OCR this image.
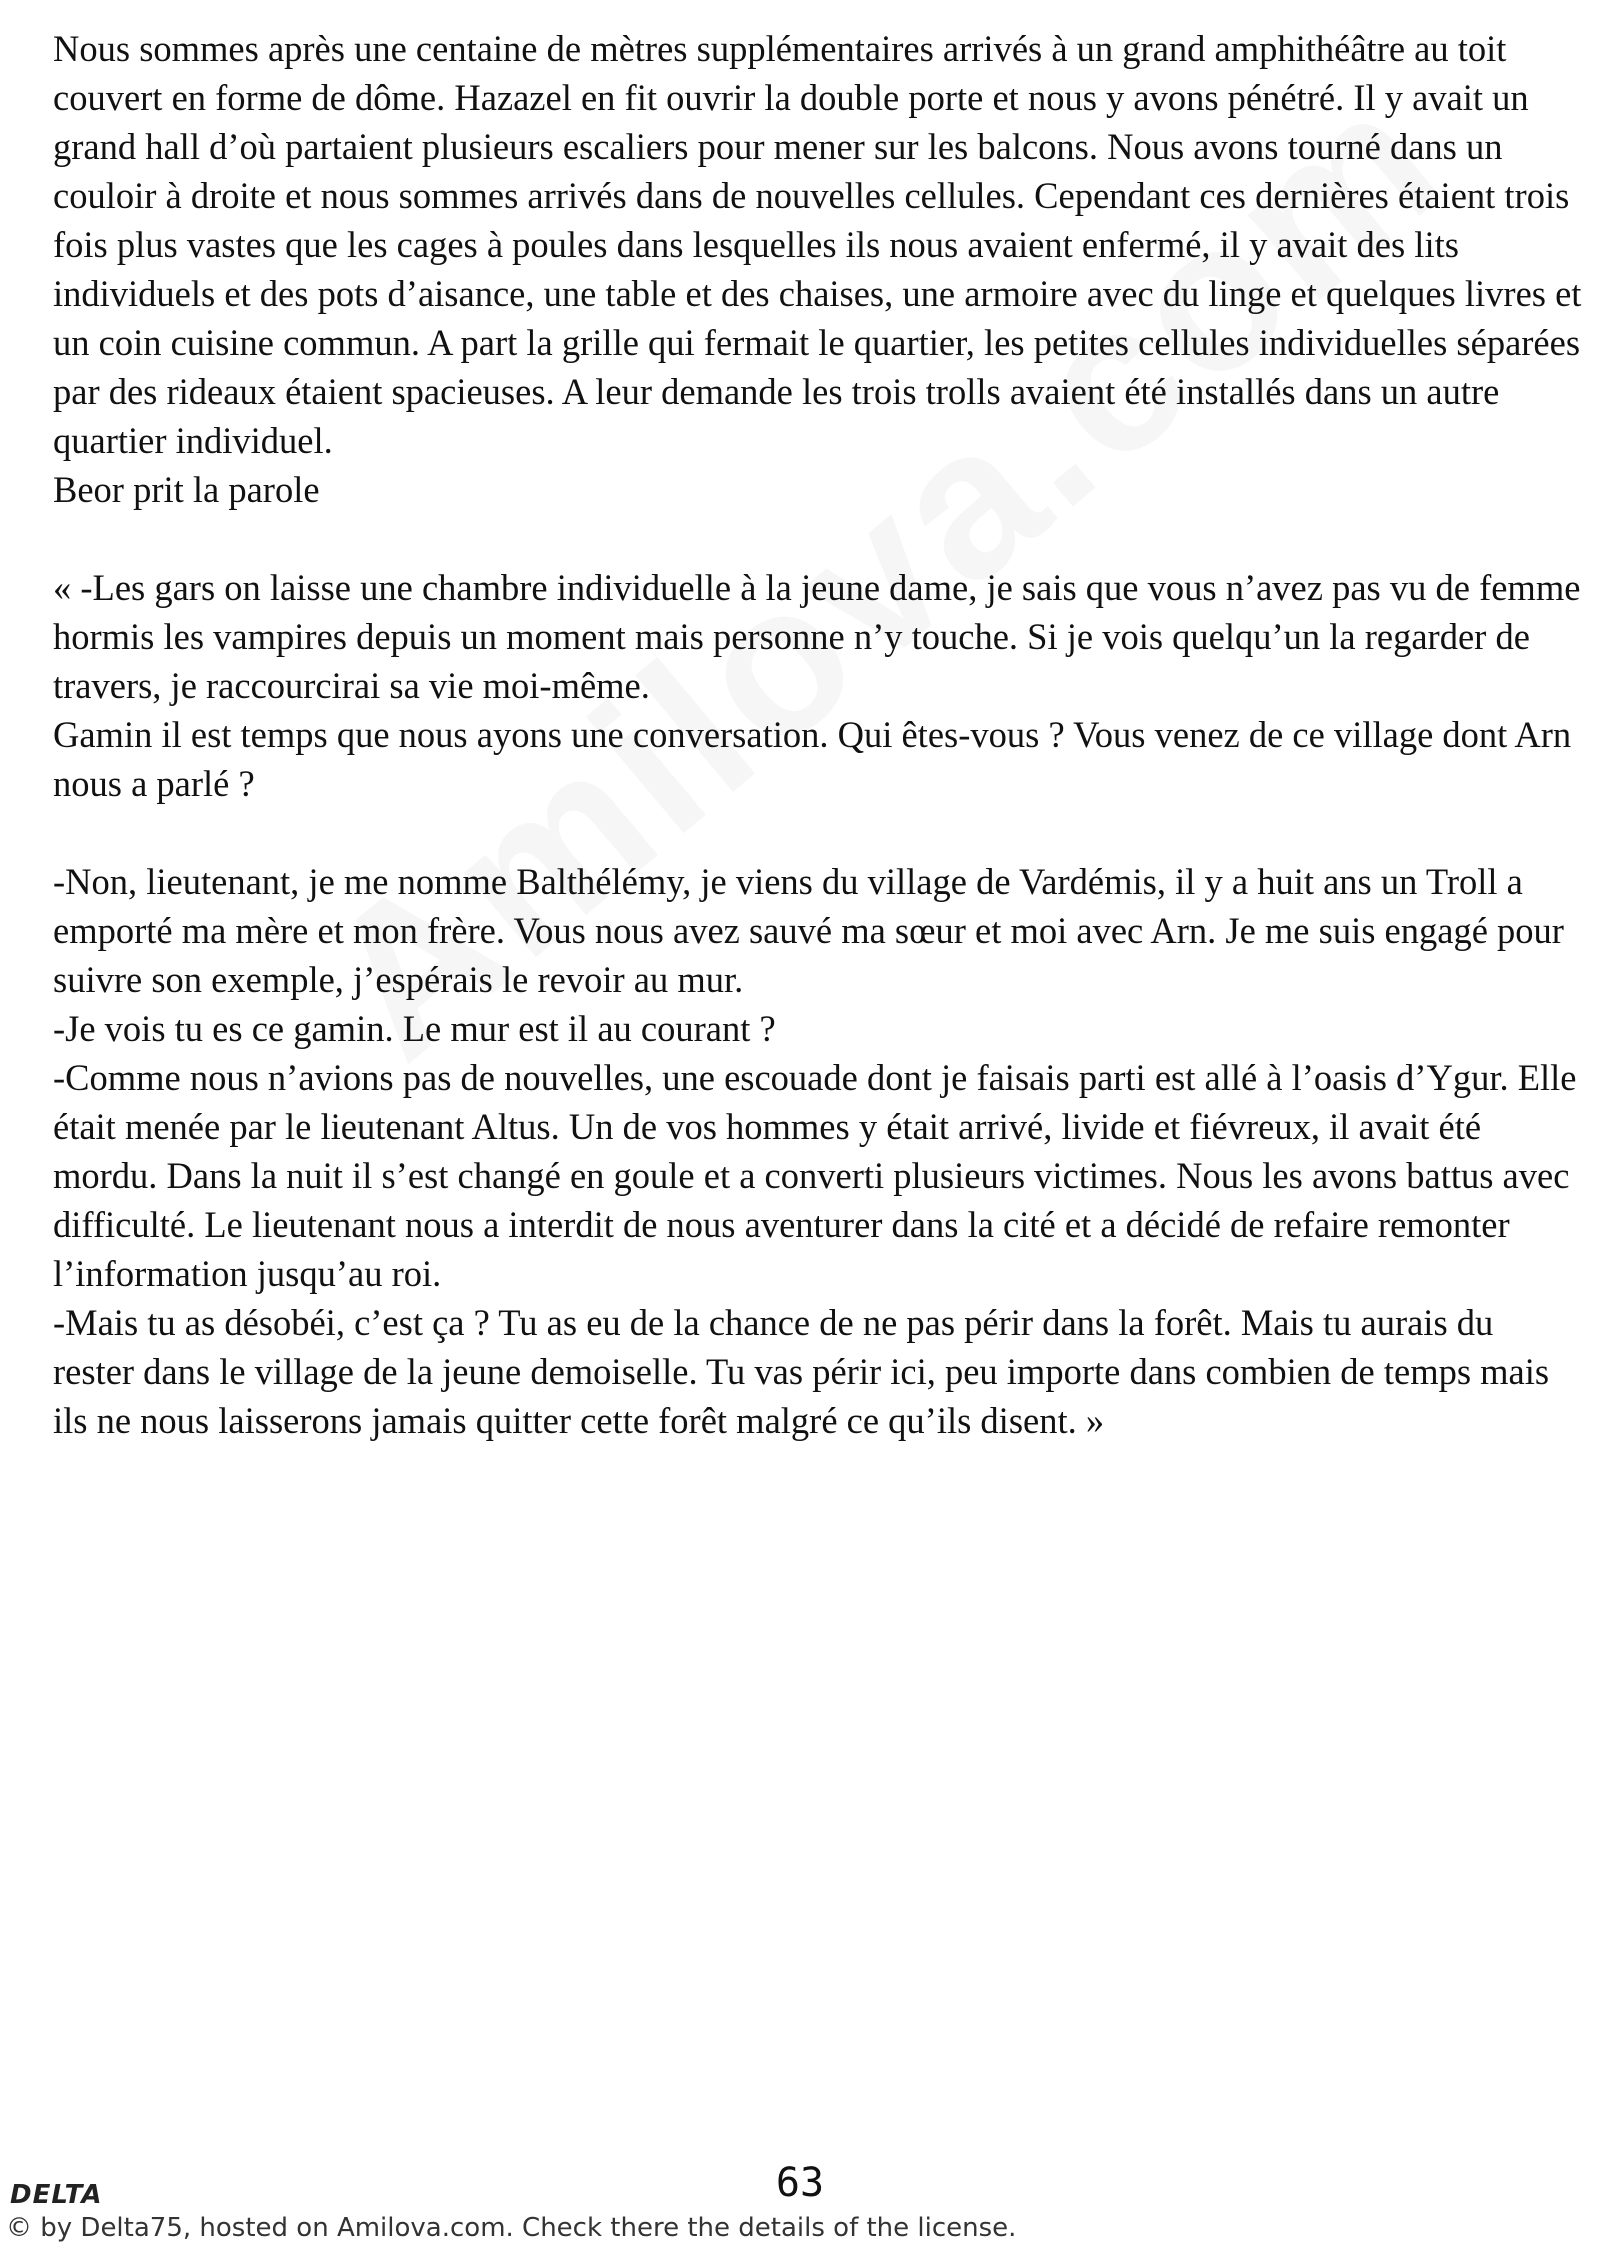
Nous sommes après une centaine de mètres supplémentaires arrivés à un grand amphithéâtre au toit couvert en forme de dôme. Hazazel en fit ouvrir la double porte et nous y avons pénétré. Il y avait un grand hall d’où partaient plusieurs escaliers pour mener sur les balcons. Nous avons tourné dans un couloir à droite et nous sommes arrivés dans de nouvelles cellules. Cependant ces dernières étaient trois fois plus vastes que les cages à poules dans lesquelles ils nous avaient enfermé, il y avait des lits individuels et des pots d’aisance, une table et des chaises, une armoire avec du linge et quelques livres et un coin cuisine commun. A part la grille qui fermait le quartier, les petites cellules individuelles séparées par des rideaux étaient spacieuses. A leur demande les trois trolls avaient été installés dans un autre quartier individuel.

Beor prit la parole

« -Les gars on laisse une chambre individuelle à la jeune dame, je sais que vous n’avez pas vu de femme hormis les vampires depuis un moment mais personne n’y touche. Si je vois quelqu’un la regarder de travers, je raccourcirai sa vie moi-même.

Gamin il est temps que nous ayons une conversation. Qui êtes-vous ? Vous venez de ce village dont Arn nous a parlé ?

-Non, lieutenant, je me nomme Balthélémy, je viens du village de Vardémis, il y a huit ans un Troll a emporté ma mère et mon frère. Vous nous avez sauvé ma sœur et moi avec Arn. Je me suis engagé pour suivre son exemple, j’espérais le revoir au mur.

-Je vois tu es ce gamin. Le mur est il au courant ?

-Comme nous n’avions pas de nouvelles, une escouade dont je faisais parti est allé à l’oasis d’Ygur. Elle était menée par le lieutenant Altus. Un de vos hommes y était arrivé, livide et fiévreux, il avait été mordu. Dans la nuit il s’est changé en goule et a converti plusieurs victimes. Nous les avons battus avec difficulté. Le lieutenant nous a interdit de nous aventurer dans la cité et a décidé de refaire remonter l’information jusqu’au roi.

-Mais tu as désobéi, c’est ça ? Tu as eu de la chance de ne pas périr dans la forêt. Mais tu aurais du rester dans le village de la jeune demoiselle. Tu vas périr ici, peu importe dans combien de temps mais ils ne nous laisserons jamais quitter cette forêt malgré ce qu’ils disent. »

DELTA	63
© by Delta75, hosted on Amilova.com. Check there the details of the license.
